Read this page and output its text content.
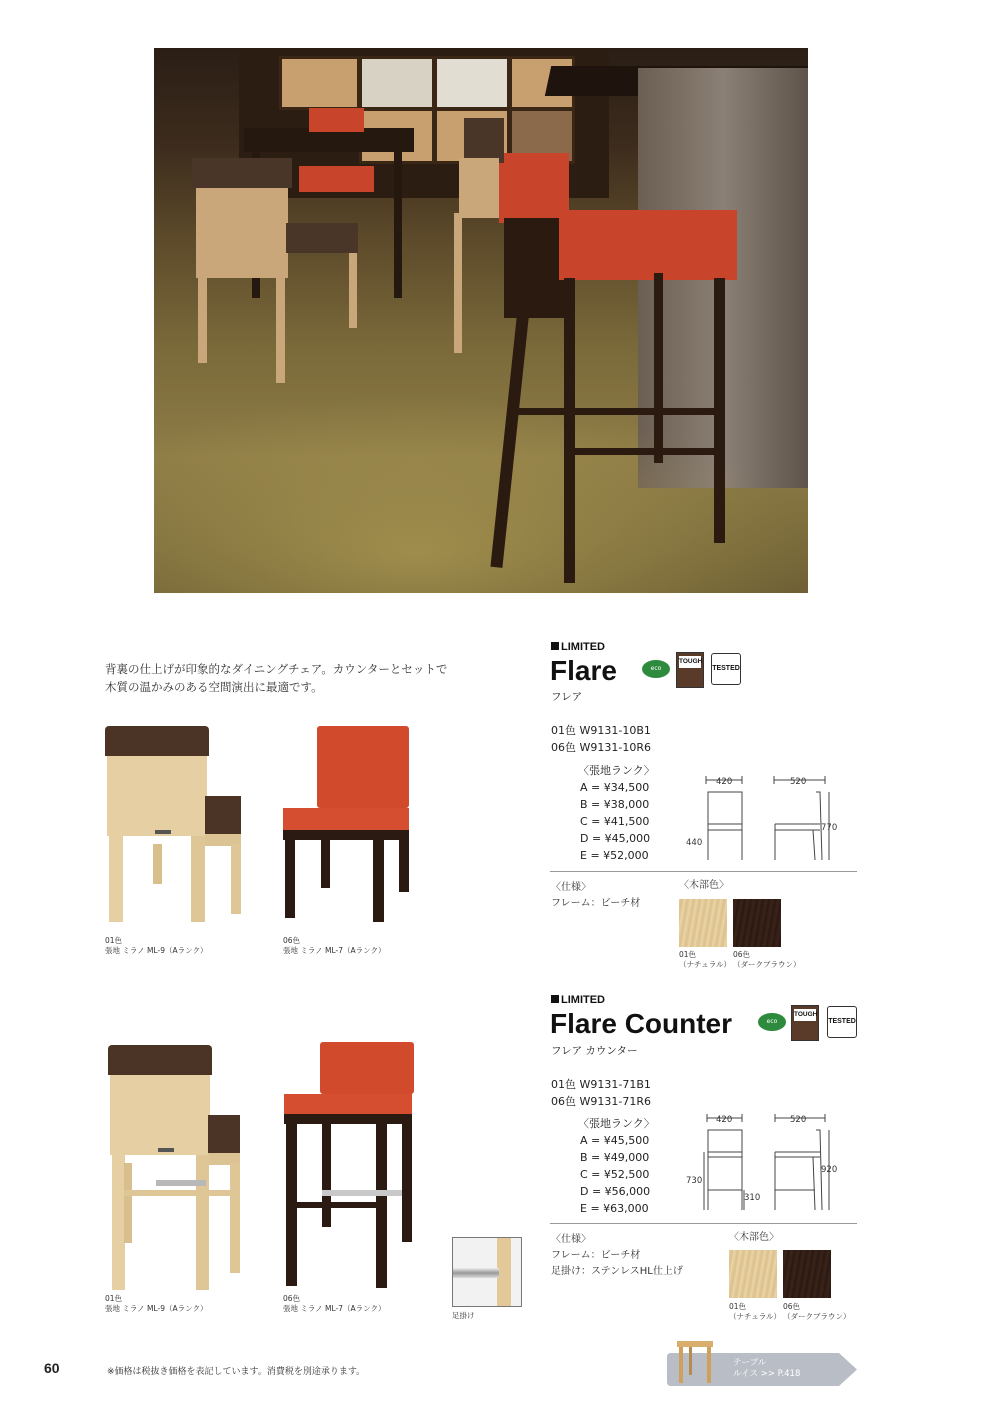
背裏の仕上げが印象的なダイニングチェア。カウンターとセットで
木質の温かみのある空間演出に最適です。
01色
張地 ミラノ ML-9（Aランク）
06色
張地 ミラノ ML-7（Aランク）
LIMITED
Flare
フレア
eco
TOUGH
TESTED
01色 W9131-10B1
06色 W9131-10R6
〈張地ランク〉
A = ¥34,500
B = ¥38,000
C = ¥41,500
D = ¥45,000
E = ¥52,000
420
440
520
770
〈仕様〉
フレーム：ビーチ材
〈木部色〉
01色
（ナチュラル）
06色
（ダークブラウン）
01色
張地 ミラノ ML-9（Aランク）
06色
張地 ミラノ ML-7（Aランク）
足掛け
LIMITED
Flare Counter
フレア カウンター
eco
TOUGH
TESTED
01色 W9131-71B1
06色 W9131-71R6
〈張地ランク〉
A = ¥45,500
B = ¥49,000
C = ¥52,500
D = ¥56,000
E = ¥63,000
420
730
310
520
920
〈仕様〉
フレーム：ビーチ材
足掛け：ステンレスHL仕上げ
〈木部色〉
01色
（ナチュラル）
06色
（ダークブラウン）
60	※価格は税抜き価格を表記しています。消費税を別途承ります。
テーブル
ルイス >> P.418
